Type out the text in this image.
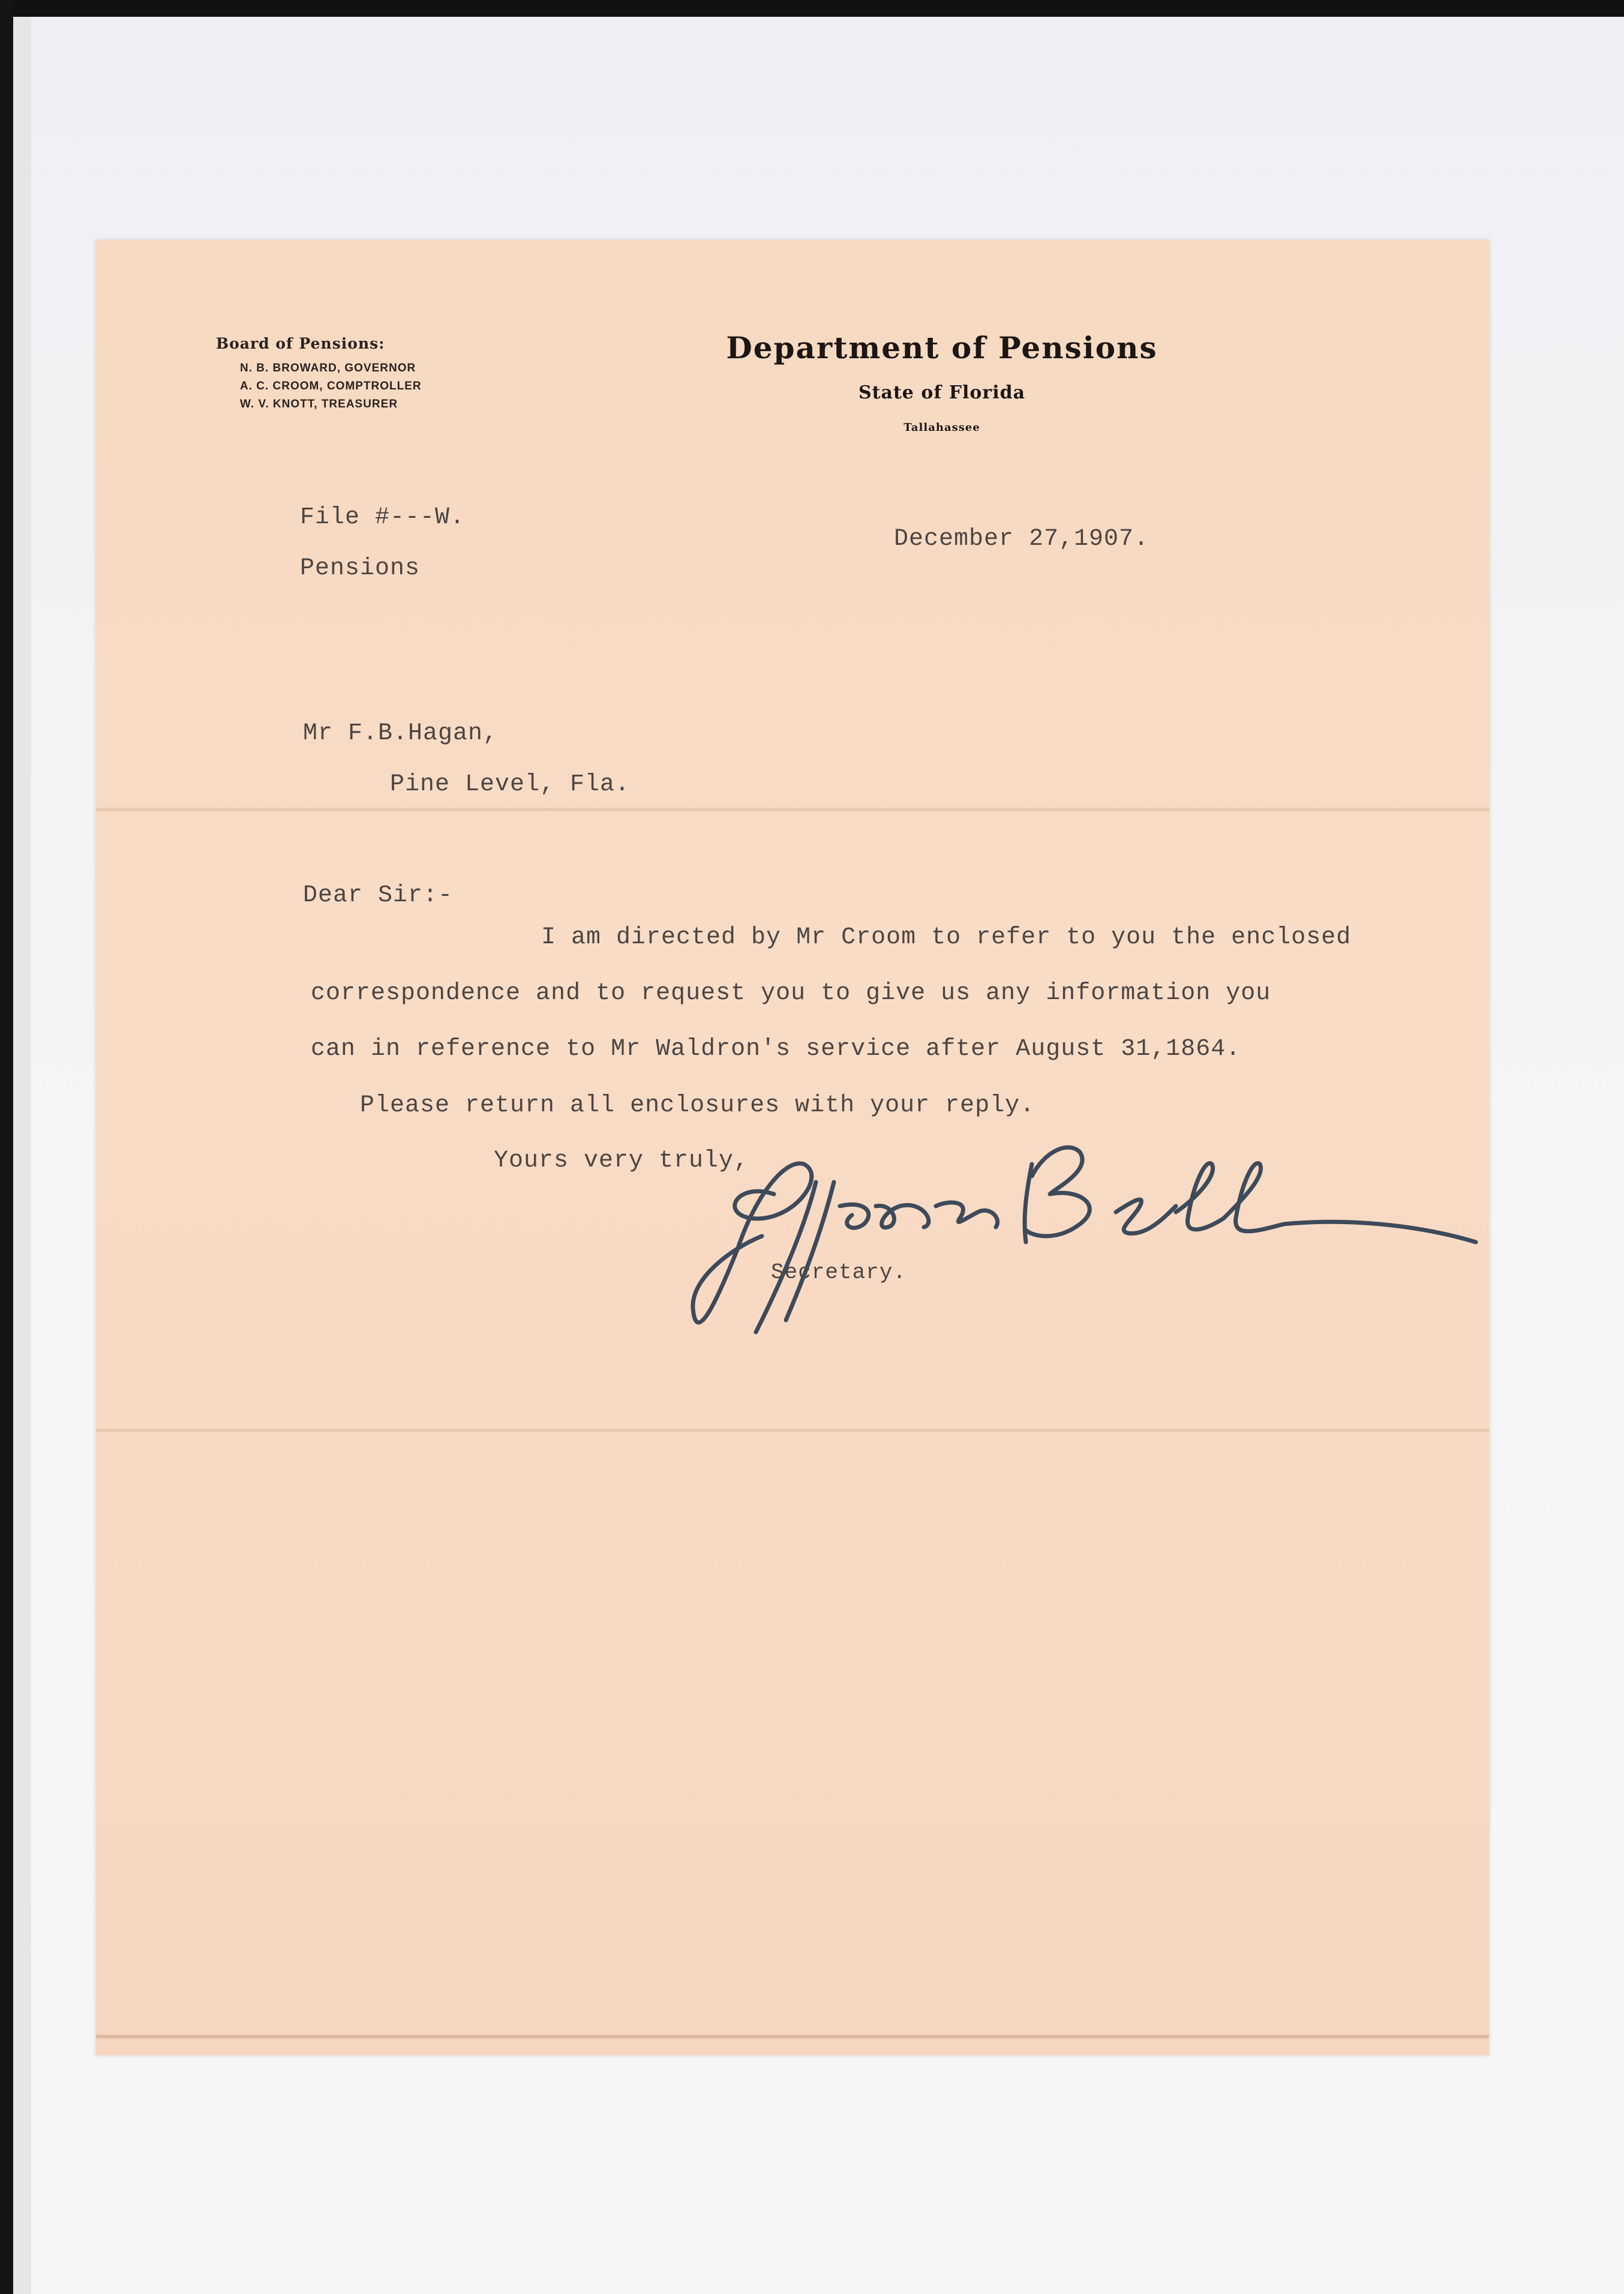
Board of Pensions:
N. B. BROWARD, GOVERNOR
A. C. CROOM, COMPTROLLER
W. V. KNOTT, TREASURER
Department of Pensions
State of Florida
Tallahassee
File #---W.
Pensions
December 27,1907.
Mr F.B.Hagan,
Pine Level, Fla.
Dear Sir:-
I am directed by Mr Croom to refer to you the enclosed
correspondence and to request you to give us any information you
can in reference to Mr Waldron's service after August 31,1864.
Please return all enclosures with your reply.
Yours very truly,
Secretary.
